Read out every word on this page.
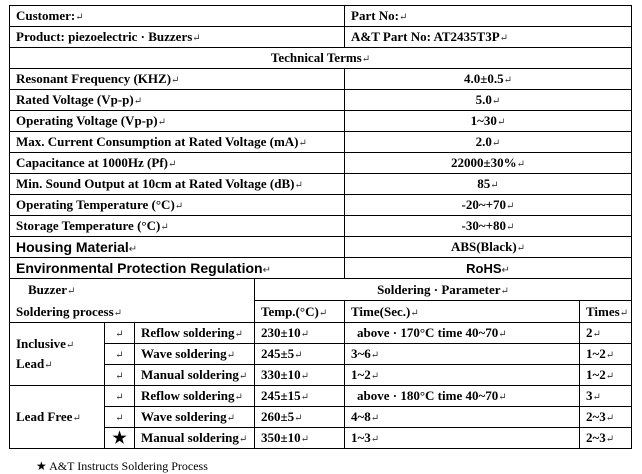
Customer:↵				Part No:↵	
Product: piezoelectric · Buzzers↵				A&T Part No: AT2435T3P↵	
Technical Terms↵					
Resonant Frequency (KHZ)↵				4.0±0.5↵	
Rated Voltage (Vp-p)↵				5.0↵	
Operating Voltage (Vp-p)↵				1~30↵	
Max. Current Consumption at Rated Voltage (mA)↵				2.0↵	
Capacitance at 1000Hz (Pf)↵				22000±30%↵	
Min. Sound Output at 10cm at Rated Voltage (dB)↵				85↵	
Operating Temperature (°C)↵				-20~+70↵	
Storage Temperature (°C)↵				-30~+80↵	
Housing Material↵				ABS(Black)↵	
Environmental Protection Regulation↵				RoHS↵	

Buzzer↵
Soldering process↵			Soldering · Parameter↵		
			Temp.(°C)↵	Time(Sec.)↵	Times↵

Inclusive↵
Lead↵	↵	Reflow soldering↵	230±10↵	above · 170°C time 40~70↵	2↵
	↵	Wave soldering↵	245±5↵	3~6↵	1~2↵
	↵	Manual soldering↵	330±10↵	1~2↵	1~2↵
Lead Free↵	↵	Reflow soldering↵	245±15↵	above · 180°C time 40~70↵	3↵
	↵	Wave soldering↵	260±5↵	4~8↵	2~3↵
	★	Manual soldering↵	350±10↵	1~3↵	2~3↵
★ A&T Instructs Soldering Process
